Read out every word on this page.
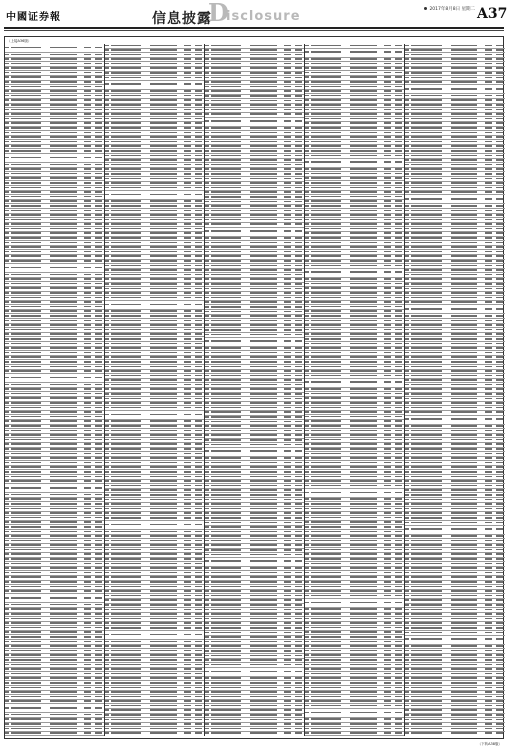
中國证券報	信息披露
D
isclosure	2017年8月8日 星期二 A37
（上接A36版）
（下转A38版）
